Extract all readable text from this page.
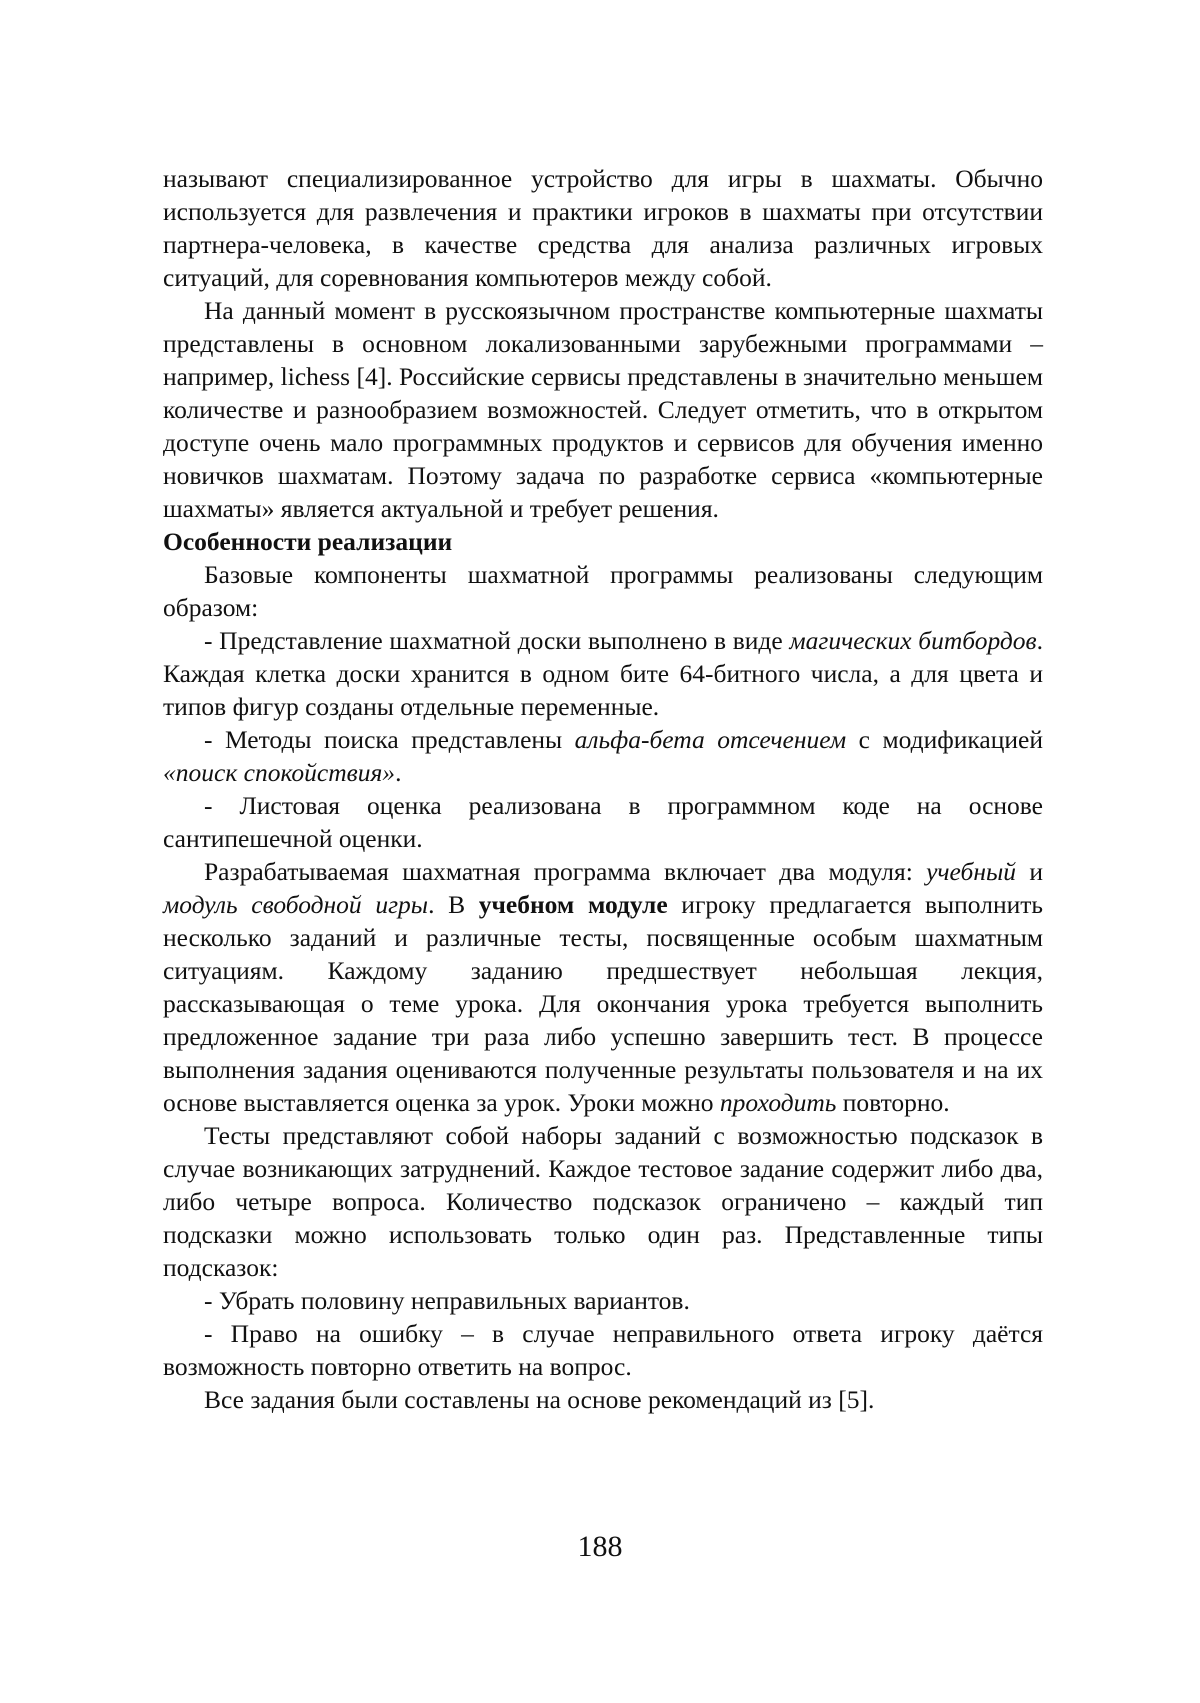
называют специализированное устройство для игры в шахматы. Обычно используется для развлечения и практики игроков в шахматы при отсутствии партнера-человека, в качестве средства для анализа различных игровых ситуаций, для соревнования компьютеров между собой.

На данный момент в русскоязычном пространстве компьютерные шахматы представлены в основном локализованными зарубежными программами – например, lichess [4]. Российские сервисы представлены в значительно меньшем количестве и разнообразием возможностей. Следует отметить, что в открытом доступе очень мало программных продуктов и сервисов для обучения именно новичков шахматам. Поэтому задача по разработке сервиса «компьютерные шахматы» является актуальной и требует решения.

Особенности реализации

Базовые компоненты шахматной программы реализованы следующим образом:

- Представление шахматной доски выполнено в виде магических битбордов. Каждая клетка доски хранится в одном бите 64-битного числа, а для цвета и типов фигур созданы отдельные переменные.

- Методы поиска представлены альфа-бета отсечением с модификацией «поиск спокойствия».

- Листовая оценка реализована в программном коде на основе сантипешечной оценки.

Разрабатываемая шахматная программа включает два модуля: учебный и модуль свободной игры. В учебном модуле игроку предлагается выполнить несколько заданий и различные тесты, посвященные особым шахматным ситуациям. Каждому заданию предшествует небольшая лекция, рассказывающая о теме урока. Для окончания урока требуется выполнить предложенное задание три раза либо успешно завершить тест. В процессе выполнения задания оцениваются полученные результаты пользователя и на их основе выставляется оценка за урок. Уроки можно проходить повторно.

Тесты представляют собой наборы заданий с возможностью подсказок в случае возникающих затруднений. Каждое тестовое задание содержит либо два, либо четыре вопроса. Количество подсказок ограничено – каждый тип подсказки можно использовать только один раз. Представленные типы подсказок:

- Убрать половину неправильных вариантов.

- Право на ошибку – в случае неправильного ответа игроку даётся возможность повторно ответить на вопрос.

Все задания были составлены на основе рекомендаций из [5].

188
